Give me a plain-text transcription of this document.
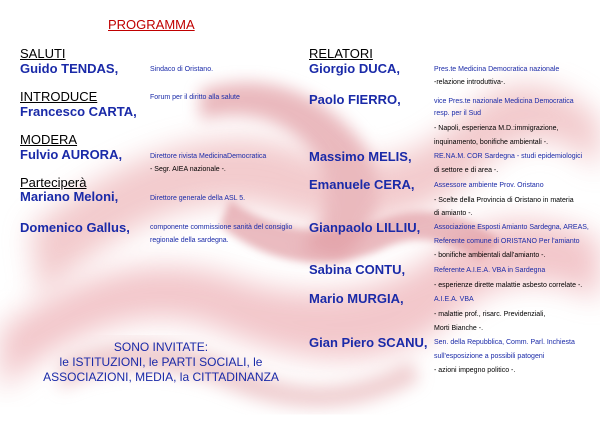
PROGRAMMA
SALUTI
Guido TENDAS,	Sindaco di Oristano.
INTRODUCE
Francesco CARTA,
Forum per il diritto alla salute
MODERA
Fulvio AURORA,	Direttore rivista MedicinaDemocratica
- Segr. AIEA nazionale -.
Parteciperà
Mariano Meloni,	Direttore generale della ASL 5.
Domenico Gallus,	componente commissione sanità del consiglio
regionale della sardegna.
RELATORI
Giorgio DUCA,	Pres.te Medicina Democratica nazionale
-relazione introduttiva-.
Paolo FIERRO,	vice Pres.te nazionale Medicina Democratica
resp. per il Sud
- Napoli, esperienza M.D.:immigrazione,
inquinamento, bonifiche ambientali -.
Massimo MELIS,	RE.NA.M. COR Sardegna - studi epidemiologici
di settore e di area -.
Emanuele CERA,	Assessore ambiente Prov. Oristano
- Scelte della Provincia di Oristano in materia
di amianto -.
Gianpaolo LILLIU, Associazione Esposti Amianto Sardegna, AREAS,
Referente comune di ORISTANO Per l'amianto
- bonifiche ambientali dall'amianto -.
Sabina CONTU,	Referente A.I.E.A. VBA in Sardegna
- esperienze dirette malattie asbesto correlate -.
Mario MURGIA,	A.I.E.A. VBA
- malattie prof., risarc. Previdenziali,
Morti Bianche -.
Gian Piero SCANU, Sen. della Repubblica, Comm. Parl. Inchiesta
sull'esposizione a possibili patogeni
- azioni impegno politico -.
SONO INVITATE:
le ISTITUZIONI, le PARTI SOCIALI, le
ASSOCIAZIONI, MEDIA, la CITTADINANZA
